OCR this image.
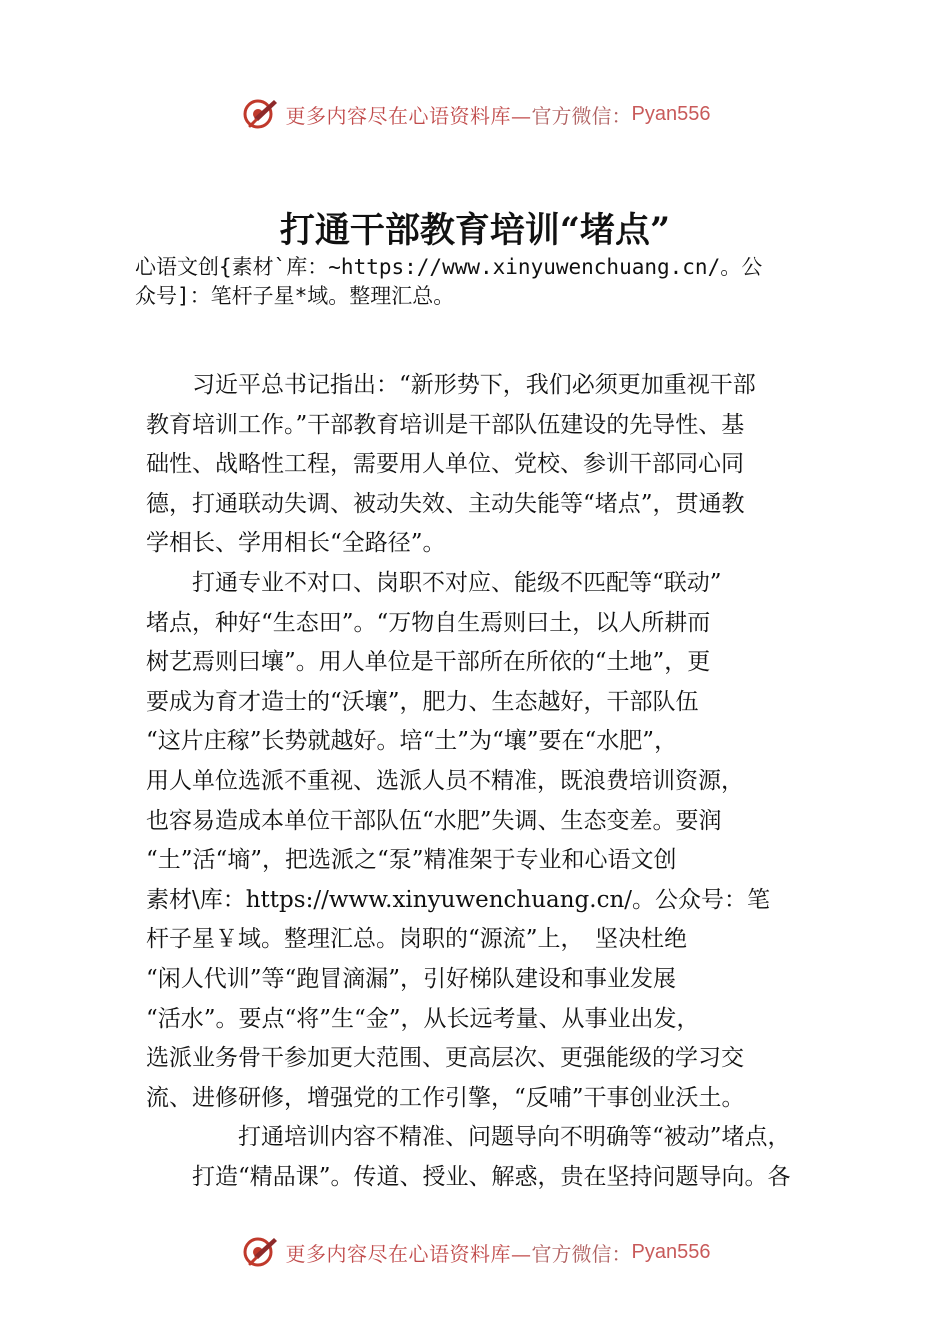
更多内容尽在心语资料库— 官方微信： Pyan556
打通干部教育培训“堵点”

心语文创{素材`库：~https://www.xinyuwenchuang.cn/。公

众号]：笔杆子星*域。整理汇总。

　　习近平总书记指出：“新形势下，我们必须更加重视干部

教育培训工作。”干部教育培训是干部队伍建设的先导性、基

础性、战略性工程，需要用人单位、党校、参训干部同心同

德，打通联动失调、被动失效、主动失能等“堵点”，贯通教

学相长、学用相长“全路径”。

　　打通专业不对口、岗职不对应、能级不匹配等“联动”

堵点，种好“生态田”。“万物自生焉则曰土，以人所耕而

树艺焉则曰壤”。用人单位是干部所在所依的“土地”，更

要成为育才造士的“沃壤”，肥力、生态越好，干部队伍

“这片庄稼”长势就越好。培“土”为“壤”要在“水肥”，

用人单位选派不重视、选派人员不精准，既浪费培训资源，

也容易造成本单位干部队伍“水肥”失调、生态变差。要润

“土”活“墒”，把选派之“泵”精准架于专业和心语文创

素材\库：https://www.xinyuwenchuang.cn/。公众号：笔

杆子星￥域。整理汇总。岗职的“源流”上，　坚决杜绝

“闲人代训”等“跑冒滴漏”，引好梯队建设和事业发展

“活水”。要点“将”生“金”，从长远考量、从事业出发，

选派业务骨干参加更大范围、更高层次、更强能级的学习交

流、进修研修，增强党的工作引擎，“反哺”干事创业沃土。

　　　　打通培训内容不精准、问题导向不明确等“被动”堵点，

　　打造“精品课”。传道、授业、解惑，贵在坚持问题导向。各

更多内容尽在心语资料库— 官方微信： Pyan556
